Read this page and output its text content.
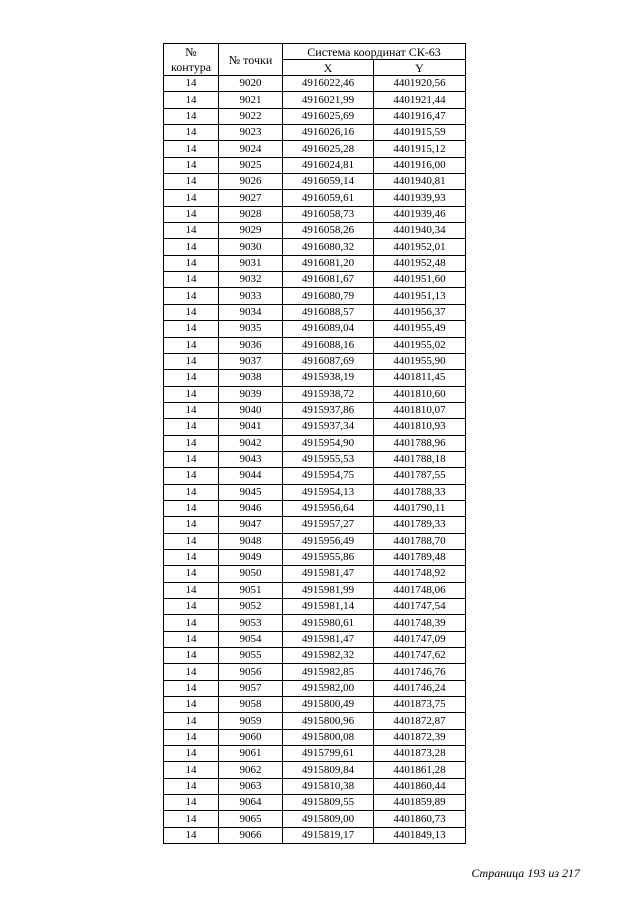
№ контура	№ точки	Система координат СК-63	
		X	Y
14	9020	4916022,46	4401920,56
14	9021	4916021,99	4401921,44
14	9022	4916025,69	4401916,47
14	9023	4916026,16	4401915,59
14	9024	4916025,28	4401915,12
14	9025	4916024,81	4401916,00
14	9026	4916059,14	4401940,81
14	9027	4916059,61	4401939,93
14	9028	4916058,73	4401939,46
14	9029	4916058,26	4401940,34
14	9030	4916080,32	4401952,01
14	9031	4916081,20	4401952,48
14	9032	4916081,67	4401951,60
14	9033	4916080,79	4401951,13
14	9034	4916088,57	4401956,37
14	9035	4916089,04	4401955,49
14	9036	4916088,16	4401955,02
14	9037	4916087,69	4401955,90
14	9038	4915938,19	4401811,45
14	9039	4915938,72	4401810,60
14	9040	4915937,86	4401810,07
14	9041	4915937,34	4401810,93
14	9042	4915954,90	4401788,96
14	9043	4915955,53	4401788,18
14	9044	4915954,75	4401787,55
14	9045	4915954,13	4401788,33
14	9046	4915956,64	4401790,11
14	9047	4915957,27	4401789,33
14	9048	4915956,49	4401788,70
14	9049	4915955,86	4401789,48
14	9050	4915981,47	4401748,92
14	9051	4915981,99	4401748,06
14	9052	4915981,14	4401747,54
14	9053	4915980,61	4401748,39
14	9054	4915981,47	4401747,09
14	9055	4915982,32	4401747,62
14	9056	4915982,85	4401746,76
14	9057	4915982,00	4401746,24
14	9058	4915800,49	4401873,75
14	9059	4915800,96	4401872,87
14	9060	4915800,08	4401872,39
14	9061	4915799,61	4401873,28
14	9062	4915809,84	4401861,28
14	9063	4915810,38	4401860,44
14	9064	4915809,55	4401859,89
14	9065	4915809,00	4401860,73
14	9066	4915819,17	4401849,13
Страница 193 из 217
